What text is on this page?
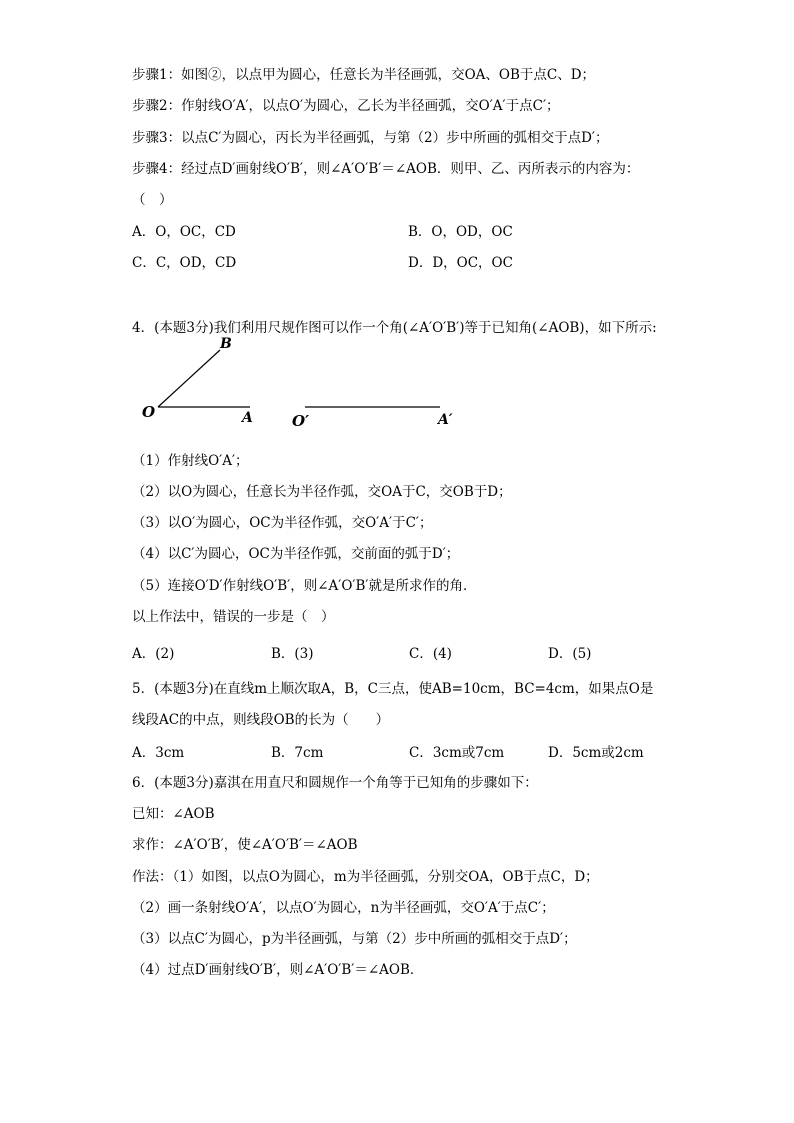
步骤1：如图②，以点甲为圆心，任意长为半径画弧，交OA、OB于点C、D；
步骤2：作射线O′A′，以点O′为圆心，乙长为半径画弧，交O′A′于点C′；
步骤3：以点C′为圆心，丙长为半径画弧，与第（2）步中所画的弧相交于点D′；
步骤4：经过点D′画射线O′B′，则∠A′O′B′＝∠AOB．则甲、乙、丙所表示的内容为：
（　）
A．O，OC，CD	B．O，OD，OC
C．C，OD，CD	D．D，OC，OC
4．(本题3分)我们利用尺规作图可以作一个角(∠A′O′B′)等于已知角(∠AOB)，如下所示:
B
O	A	O′	A′
（1）作射线O′A′；
（2）以O为圆心，任意长为半径作弧，交OA于C，交OB于D；
（3）以O′为圆心，OC为半径作弧，交O′A′于C′；
（4）以C′为圆心，OC为半径作弧，交前面的弧于D′；
（5）连接O′D′作射线O′B′，则∠A′O′B′就是所求作的角．
以上作法中，错误的一步是（　）
A．(2)	B．(3)	C．(4)	D．(5)
5．(本题3分)在直线m上顺次取A，B，C三点，使AB=10cm，BC=4cm，如果点O是
线段AC的中点，则线段OB的长为（　　）
A．3cm	B．7cm	C．3cm或7cm	D．5cm或2cm
6．(本题3分)嘉淇在用直尺和圆规作一个角等于已知角的步骤如下：
已知：∠AOB
求作：∠A′O′B′，使∠A′O′B′＝∠AOB
作法：（1）如图，以点O为圆心，m为半径画弧，分别交OA，OB于点C，D；
（2）画一条射线O′A′，以点O′为圆心，n为半径画弧，交O′A′于点C′；
（3）以点C′为圆心，p为半径画弧，与第（2）步中所画的弧相交于点D′；
（4）过点D′画射线O′B′，则∠A′O′B′＝∠AOB．
